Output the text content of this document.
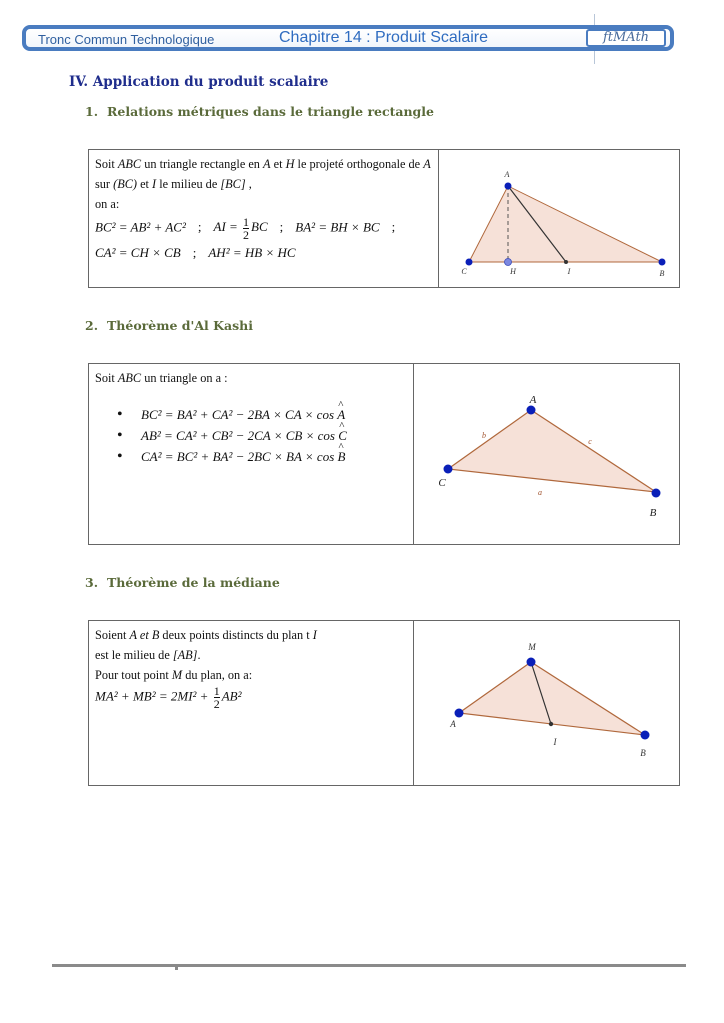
Tronc Commun Technologique	Chapitre 14 : Produit Scalaire	ftMAth
IV. Application du produit scalaire
1. Relations métriques dans le triangle rectangle
Soit ABC un triangle rectangle en A et H le projeté orthogonale de A sur (BC) et I le milieu de [BC] ,
on a:
BC² = AB² + AC² ; AI = $\frac{1}{2}$ BC ; BA² = BH × BC ;
CA² = CH × CB ; AH² = HB × HC
A
C	H	I	B
2. Théorème d'Al Kashi
Soit ABC un triangle on a :
• BC² = BA² + CA² − 2BA × CA × cos ^ A
• AB² = CA² + CB² − 2CA × CB × cos ^ C
• CA² = BC² + BA² − 2BC × BA × cos ^ B
A
B
C
a
b
c
3. Théorème de la médiane
Soient A et B deux points distincts du plan t I
est le milieu de [AB].
Pour tout point M du plan, on a:
$MA^2 + MB^2 = 2MI^2 + \frac{1}{2} AB^2$
M
A
I
B
